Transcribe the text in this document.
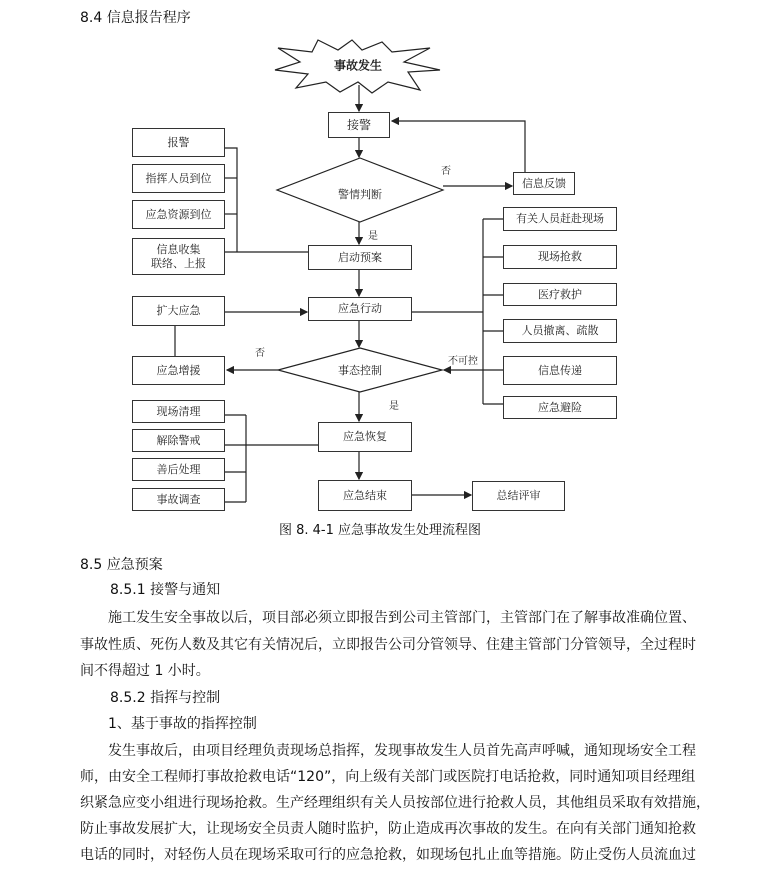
8.4 信息报告程序
事故发生
接警
警情判断
否
信息反馈
是
启动预案
报警
指挥人员到位
应急资源到位
信息收集
联络、上报
应急行动
扩大应急
应急增援	事态控制
否
不可控
是
有关人员赶赴现场
现场抢救
医疗救护
人员撤离、疏散
信息传递
应急避险
应急恢复
应急结束	总结评审
现场清理
解除警戒
善后处理
事故调查
图 8. 4-1 应急事故发生处理流程图
8.5 应急预案
8.5.1 接警与通知
施工发生安全事故以后，项目部必须立即报告到公司主管部门，主管部门在了解事故准确位置、
事故性质、死伤人数及其它有关情况后，立即报告公司分管领导、住建主管部门分管领导，全过程时
间不得超过 1 小时。
8.5.2 指挥与控制
1、基于事故的指挥控制
发生事故后，由项目经理负责现场总指挥，发现事故发生人员首先高声呼喊，通知现场安全工程
师，由安全工程师打事故抢救电话“120”，向上级有关部门或医院打电话抢救，同时通知项目经理组
织紧急应变小组进行现场抢救。生产经理组织有关人员按部位进行抢救人员，其他组员采取有效措施，
防止事故发展扩大，让现场安全员责人随时监护，防止造成再次事故的发生。在向有关部门通知抢救
电话的同时，对轻伤人员在现场采取可行的应急抢救，如现场包扎止血等措施。防止受伤人员流血过
